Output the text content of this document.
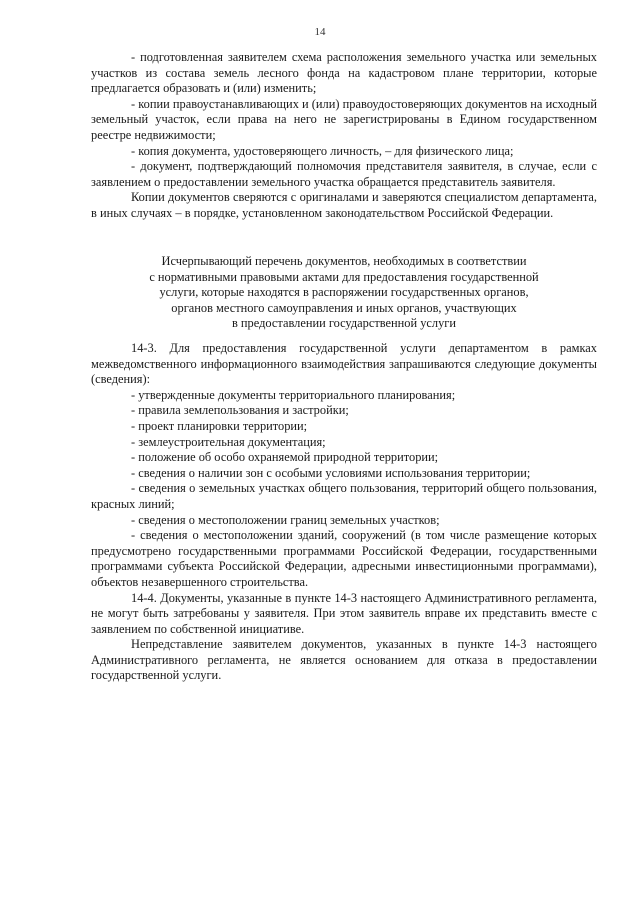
14

- подготовленная заявителем схема расположения земельного участка или земельных участков из состава земель лесного фонда на кадастровом плане территории, которые предлагается образовать и (или) изменить;

- копии правоустанавливающих и (или) правоудостоверяющих документов на исходный земельный участок, если права на него не зарегистрированы в Едином государственном реестре недвижимости;

- копия документа, удостоверяющего личность, – для физического лица;

- документ, подтверждающий полномочия представителя заявителя, в случае, если с заявлением о предоставлении земельного участка обращается представитель заявителя.

Копии документов сверяются с оригиналами и заверяются специалистом департамента, в иных случаях – в порядке, установленном законодательством Российской Федерации.

Исчерпывающий перечень документов, необходимых в соответствии
с нормативными правовыми актами для предоставления государственной
услуги, которые находятся в распоряжении государственных органов,
органов местного самоуправления и иных органов, участвующих
в предоставлении государственной услуги

14-3. Для предоставления государственной услуги департаментом в рамках межведомственного информационного взаимодействия запрашиваются следующие документы (сведения):

- утвержденные документы территориального планирования;

- правила землепользования и застройки;

- проект планировки территории;

- землеустроительная документация;

- положение об особо охраняемой природной территории;

- сведения о наличии зон с особыми условиями использования территории;

- сведения о земельных участках общего пользования, территорий общего пользования, красных линий;

- сведения о местоположении границ земельных участков;

- сведения о местоположении зданий, сооружений (в том числе размещение которых предусмотрено государственными программами Российской Федерации, государственными программами субъекта Российской Федерации, адресными инвестиционными программами), объектов незавершенного строительства.

14-4. Документы, указанные в пункте 14-3 настоящего Административного регламента, не могут быть затребованы у заявителя. При этом заявитель вправе их представить вместе с заявлением по собственной инициативе.

Непредставление заявителем документов, указанных в пункте 14-3 настоящего Административного регламента, не является основанием для отказа в предоставлении государственной услуги.
